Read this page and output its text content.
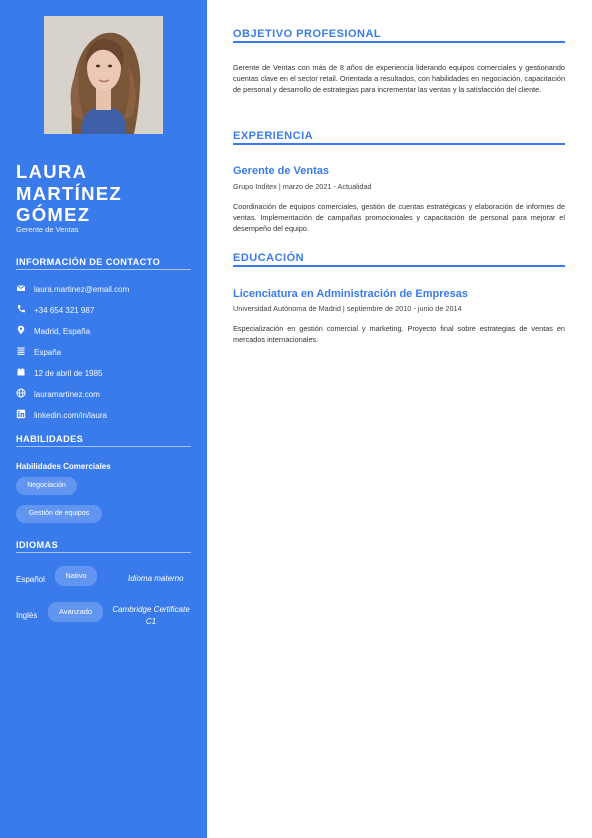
LAURA
MARTÍNEZ
GÓMEZ
Gerente de Ventas
INFORMACIÓN DE CONTACTO
laura.martinez@email.com
+34 654 321 987
Madrid, España
España
12 de abril de 1985
lauramartinez.com
linkedin.com/in/laura
HABILIDADES
Habilidades Comerciales
Negociación
Gestión de equipos
IDIOMAS
Español	Nativo	Idioma materno
Inglés	Avanzado	Cambridge Certificate C1
OBJETIVO PROFESIONAL

Gerente de Ventas con más de 8 años de experiencia liderando equipos comerciales y gestionando cuentas clave en el sector retail. Orientada a resultados, con habilidades en negociación, capacitación de personal y desarrollo de estrategias para incrementar las ventas y la satisfacción del cliente.

EXPERIENCIA
Gerente de Ventas
Grupo Inditex | marzo de 2021 - Actualidad

Coordinación de equipos comerciales, gestión de cuentas estratégicas y elaboración de informes de ventas. Implementación de campañas promocionales y capacitación de personal para mejorar el desempeño del equipo.

EDUCACIÓN
Licenciatura en Administración de Empresas
Universidad Autónoma de Madrid | septiembre de 2010 - junio de 2014

Especialización en gestión comercial y marketing. Proyecto final sobre estrategias de ventas en mercados internacionales.
